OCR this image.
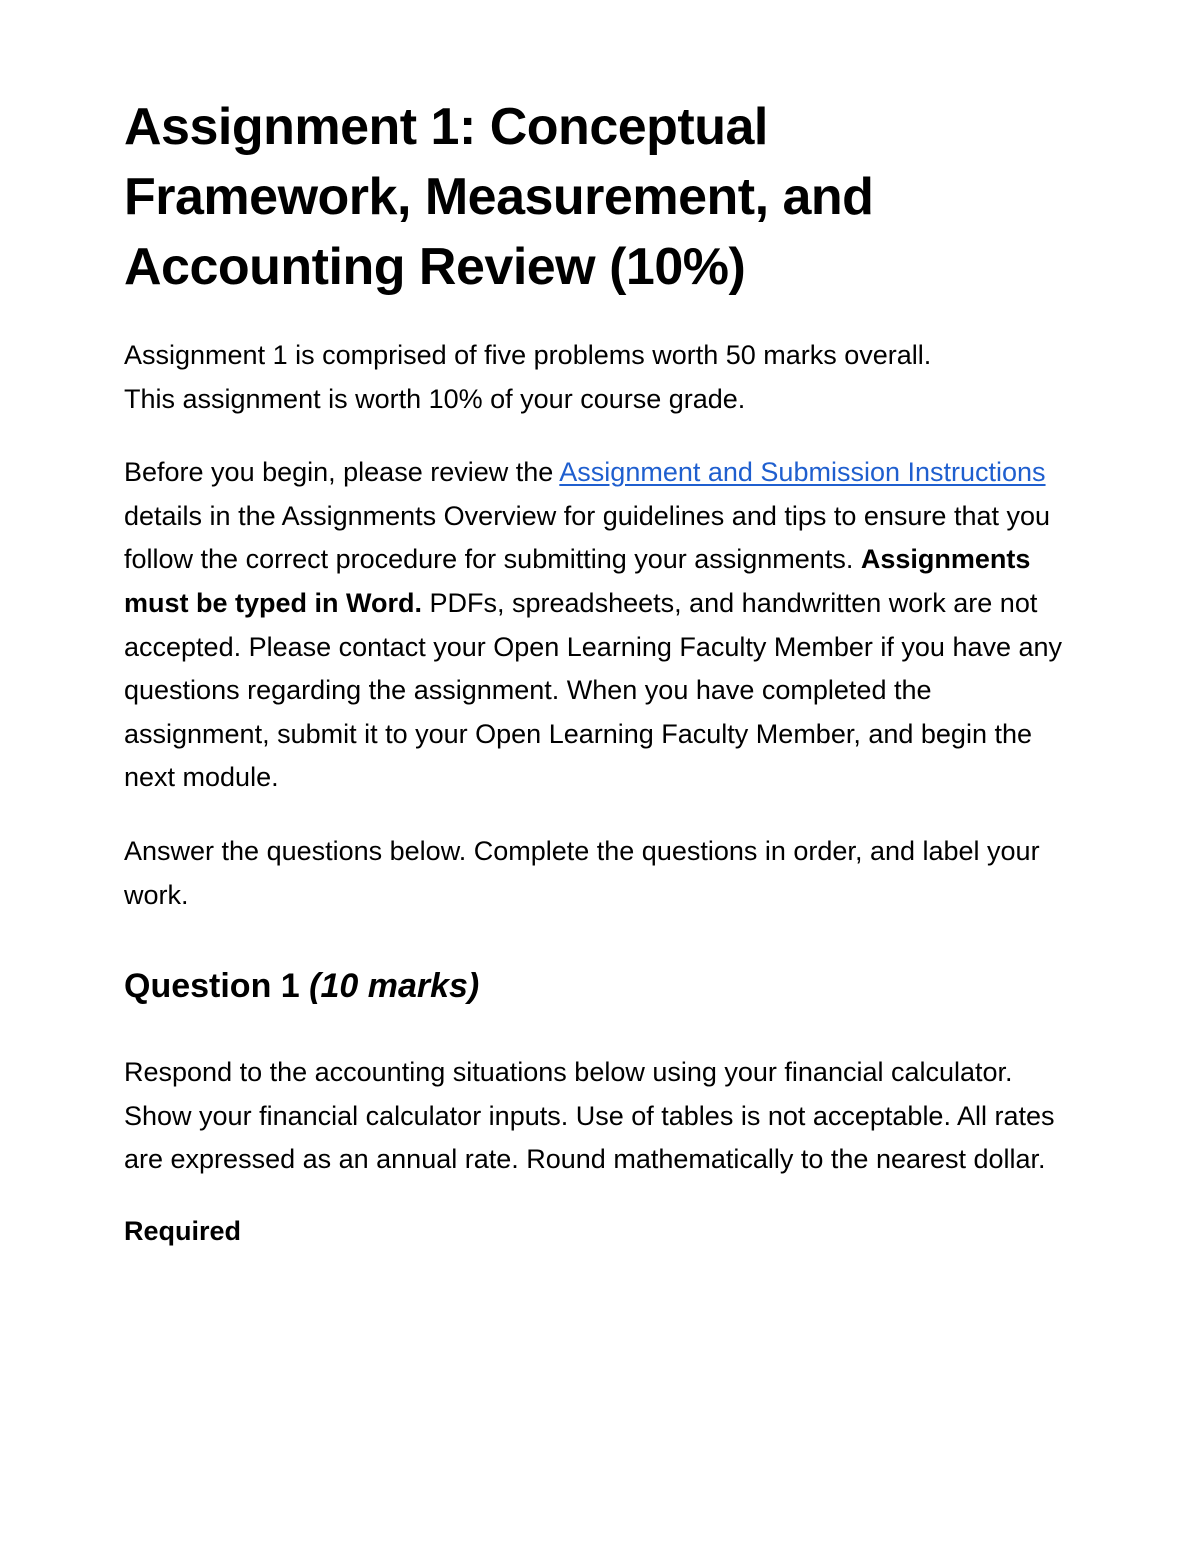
Assignment 1: Conceptual
Framework, Measurement, and
Accounting Review (10%)

Assignment 1 is comprised of five problems worth 50 marks overall.
This assignment is worth 10% of your course grade.

Before you begin, please review the Assignment and Submission Instructions details in the Assignments Overview for guidelines and tips to ensure that you follow the correct procedure for submitting your assignments. Assignments must be typed in Word. PDFs, spreadsheets, and handwritten work are not accepted. Please contact your Open Learning Faculty Member if you have any questions regarding the assignment. When you have completed the assignment, submit it to your Open Learning Faculty Member, and begin the next module.

Answer the questions below. Complete the questions in order, and label your work.

Question 1 (10 marks)

Respond to the accounting situations below using your financial calculator. Show your financial calculator inputs. Use of tables is not acceptable. All rates are expressed as an annual rate. Round mathematically to the nearest dollar.

Required
